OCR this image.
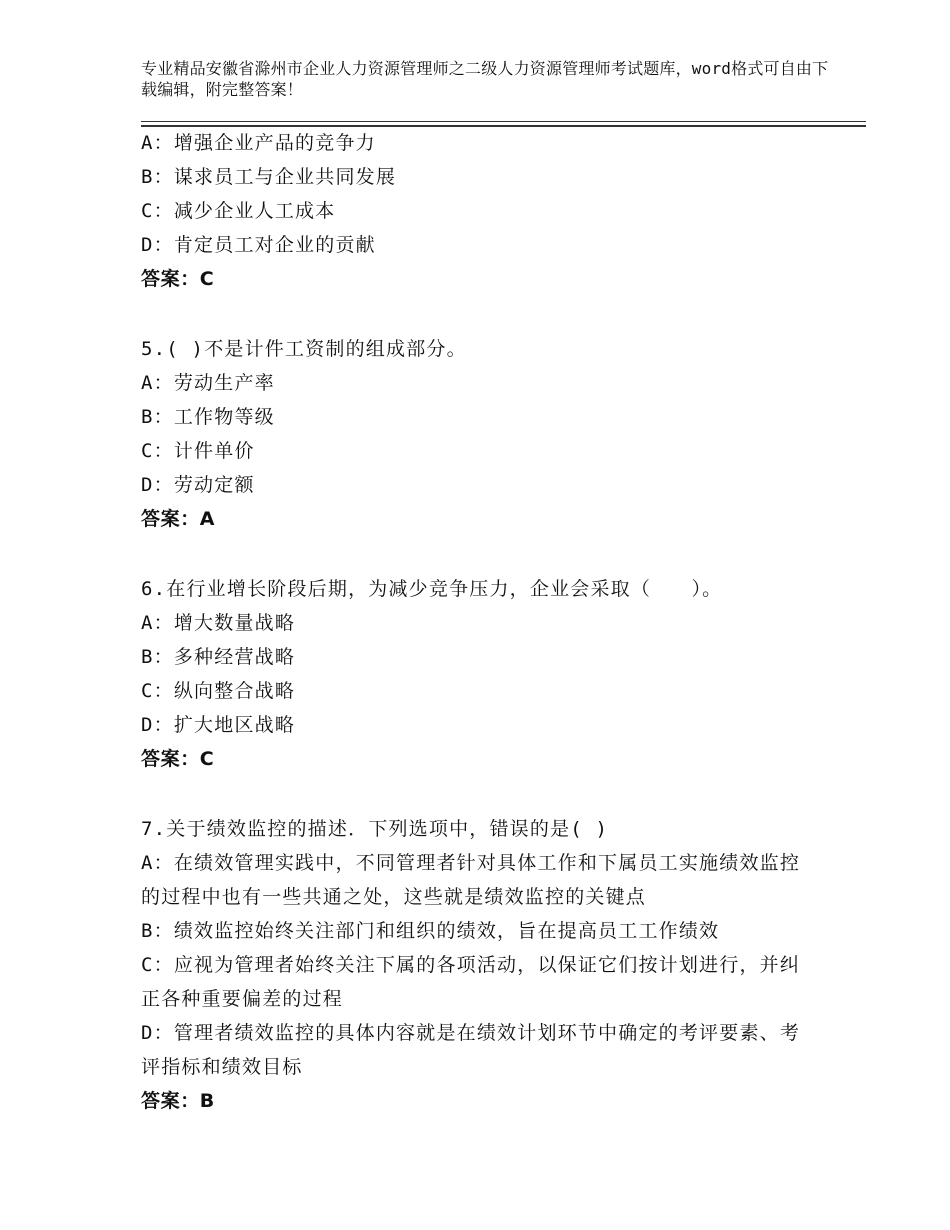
专业精品安徽省滁州市企业人力资源管理师之二级人力资源管理师考试题库，word格式可自由下载编辑，附完整答案！
A：增强企业产品的竞争力
B：谋求员工与企业共同发展
C：减少企业人工成本
D：肯定员工对企业的贡献
答案：C
5.( )不是计件工资制的组成部分。
A：劳动生产率
B：工作物等级
C：计件单价
D：劳动定额
答案：A
6.在行业增长阶段后期，为减少竞争压力，企业会采取（　　）。
A：增大数量战略
B：多种经营战略
C：纵向整合战略
D：扩大地区战略
答案：C
7.关于绩效监控的描述．下列选项中，错误的是( )
A：在绩效管理实践中，不同管理者针对具体工作和下属员工实施绩效监控的过程中也有一些共通之处，这些就是绩效监控的关键点
B：绩效监控始终关注部门和组织的绩效，旨在提高员工工作绩效
C：应视为管理者始终关注下属的各项活动，以保证它们按计划进行，并纠正各种重要偏差的过程
D：管理者绩效监控的具体内容就是在绩效计划环节中确定的考评要素、考评指标和绩效目标
答案：B
